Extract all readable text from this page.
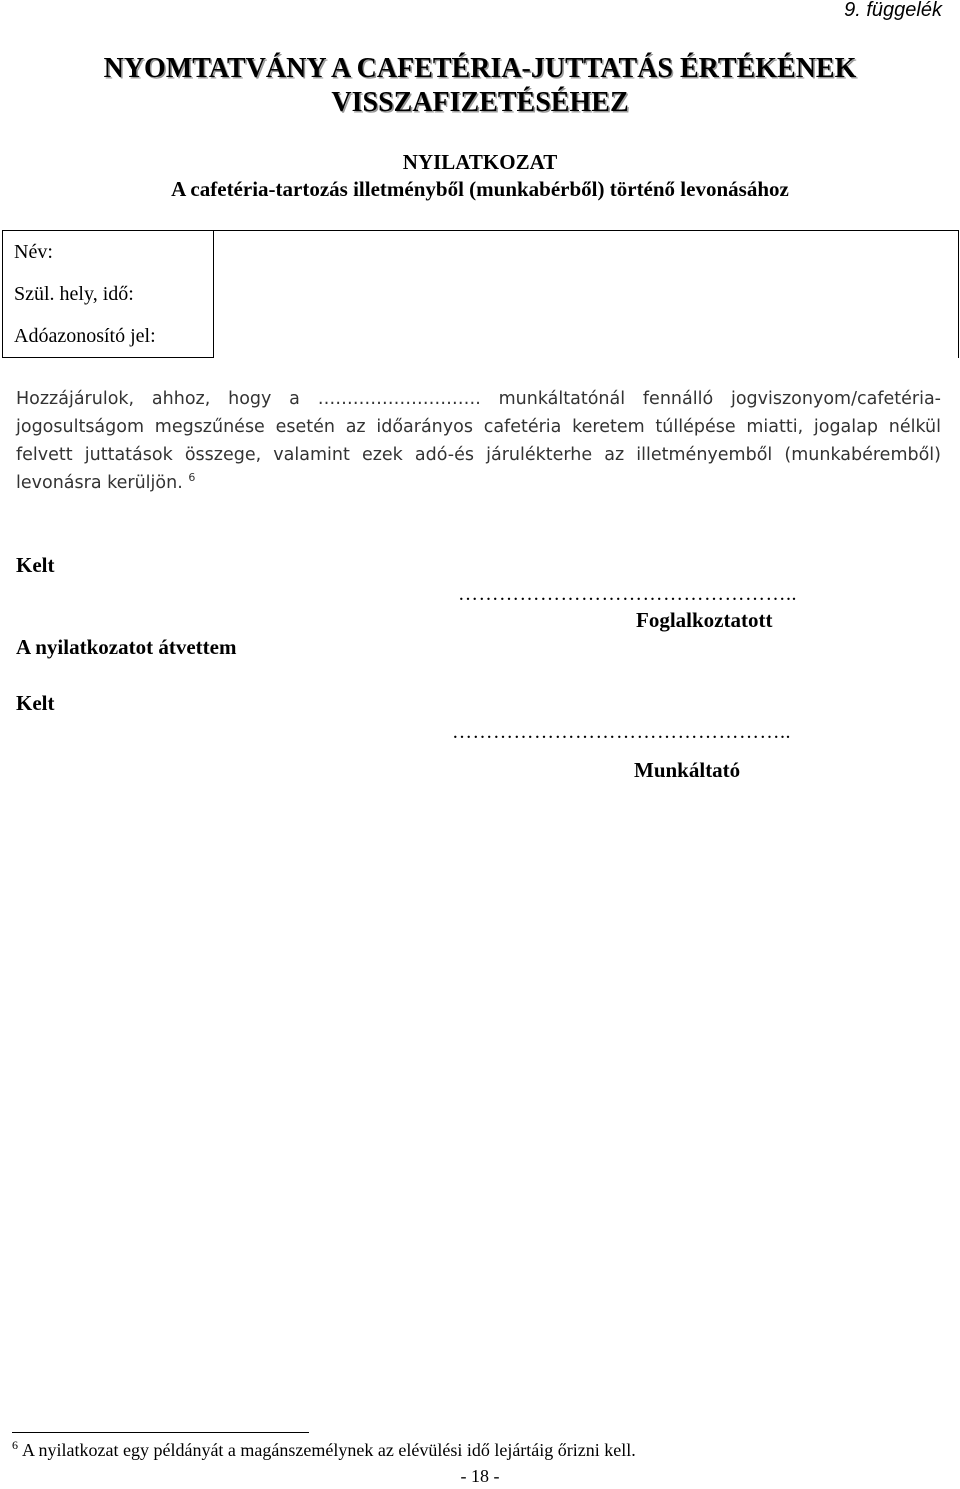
9. függelék
NYOMTATVÁNY A CAFETÉRIA-JUTTATÁS ÉRTÉKÉNEK
VISSZAFIZETÉSÉHEZ
NYILATKOZAT
A cafetéria-tartozás illetményből (munkabérből) történő levonásához
Név:	
Szül. hely, idő:
Adóazonosító jel:

Hozzájárulok, ahhoz, hogy a ………………………. munkáltatónál fennálló jogviszonyom/cafetéria-jogosultságom megszűnése esetén az időarányos cafetéria keretem túllépése miatti, jogalap nélkül felvett juttatások összege, valamint ezek adó-és járulékterhe az illetményemből (munkabéremből) levonásra kerüljön. $^6$

Kelt
…………………………………………..
Foglalkoztatott
A nyilatkozatot átvettem
Kelt
…………………………………………..
Munkáltató
$^6$ A nyilatkozat egy példányát a magánszemélynek az elévülési idő lejártáig őrizni kell.
- 18 -
